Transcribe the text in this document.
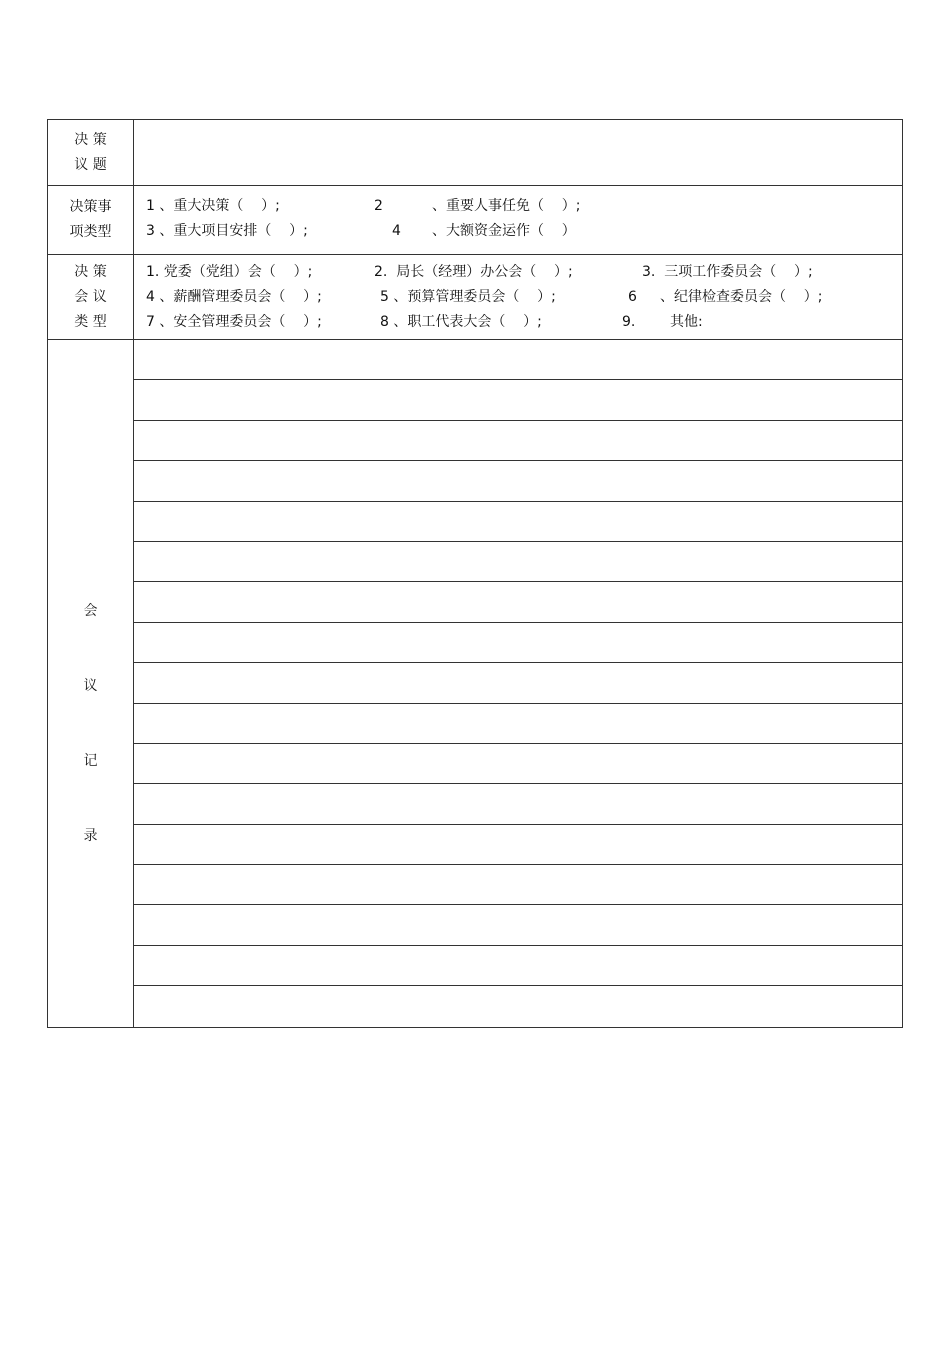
决 策
议 题
决策事
项类型
1 、重大决策（    ）;	2	、重要人事任免（    ）;
3 、重大项目安排（    ）;	4 、大额资金运作（    ）
决 策
会 议
类 型
1. 党委（党组）会（    ）;	2.  局长（经理）办公会（    ）;	3.  三项工作委员会（    ）;
4 、薪酬管理委员会（    ）;	5 、预算管理委员会（    ）;	6 、纪律检查委员会（    ）;
7 、安全管理委员会（    ）;	8 、职工代表大会（    ）;	9. 其他:
会
议
记
录
